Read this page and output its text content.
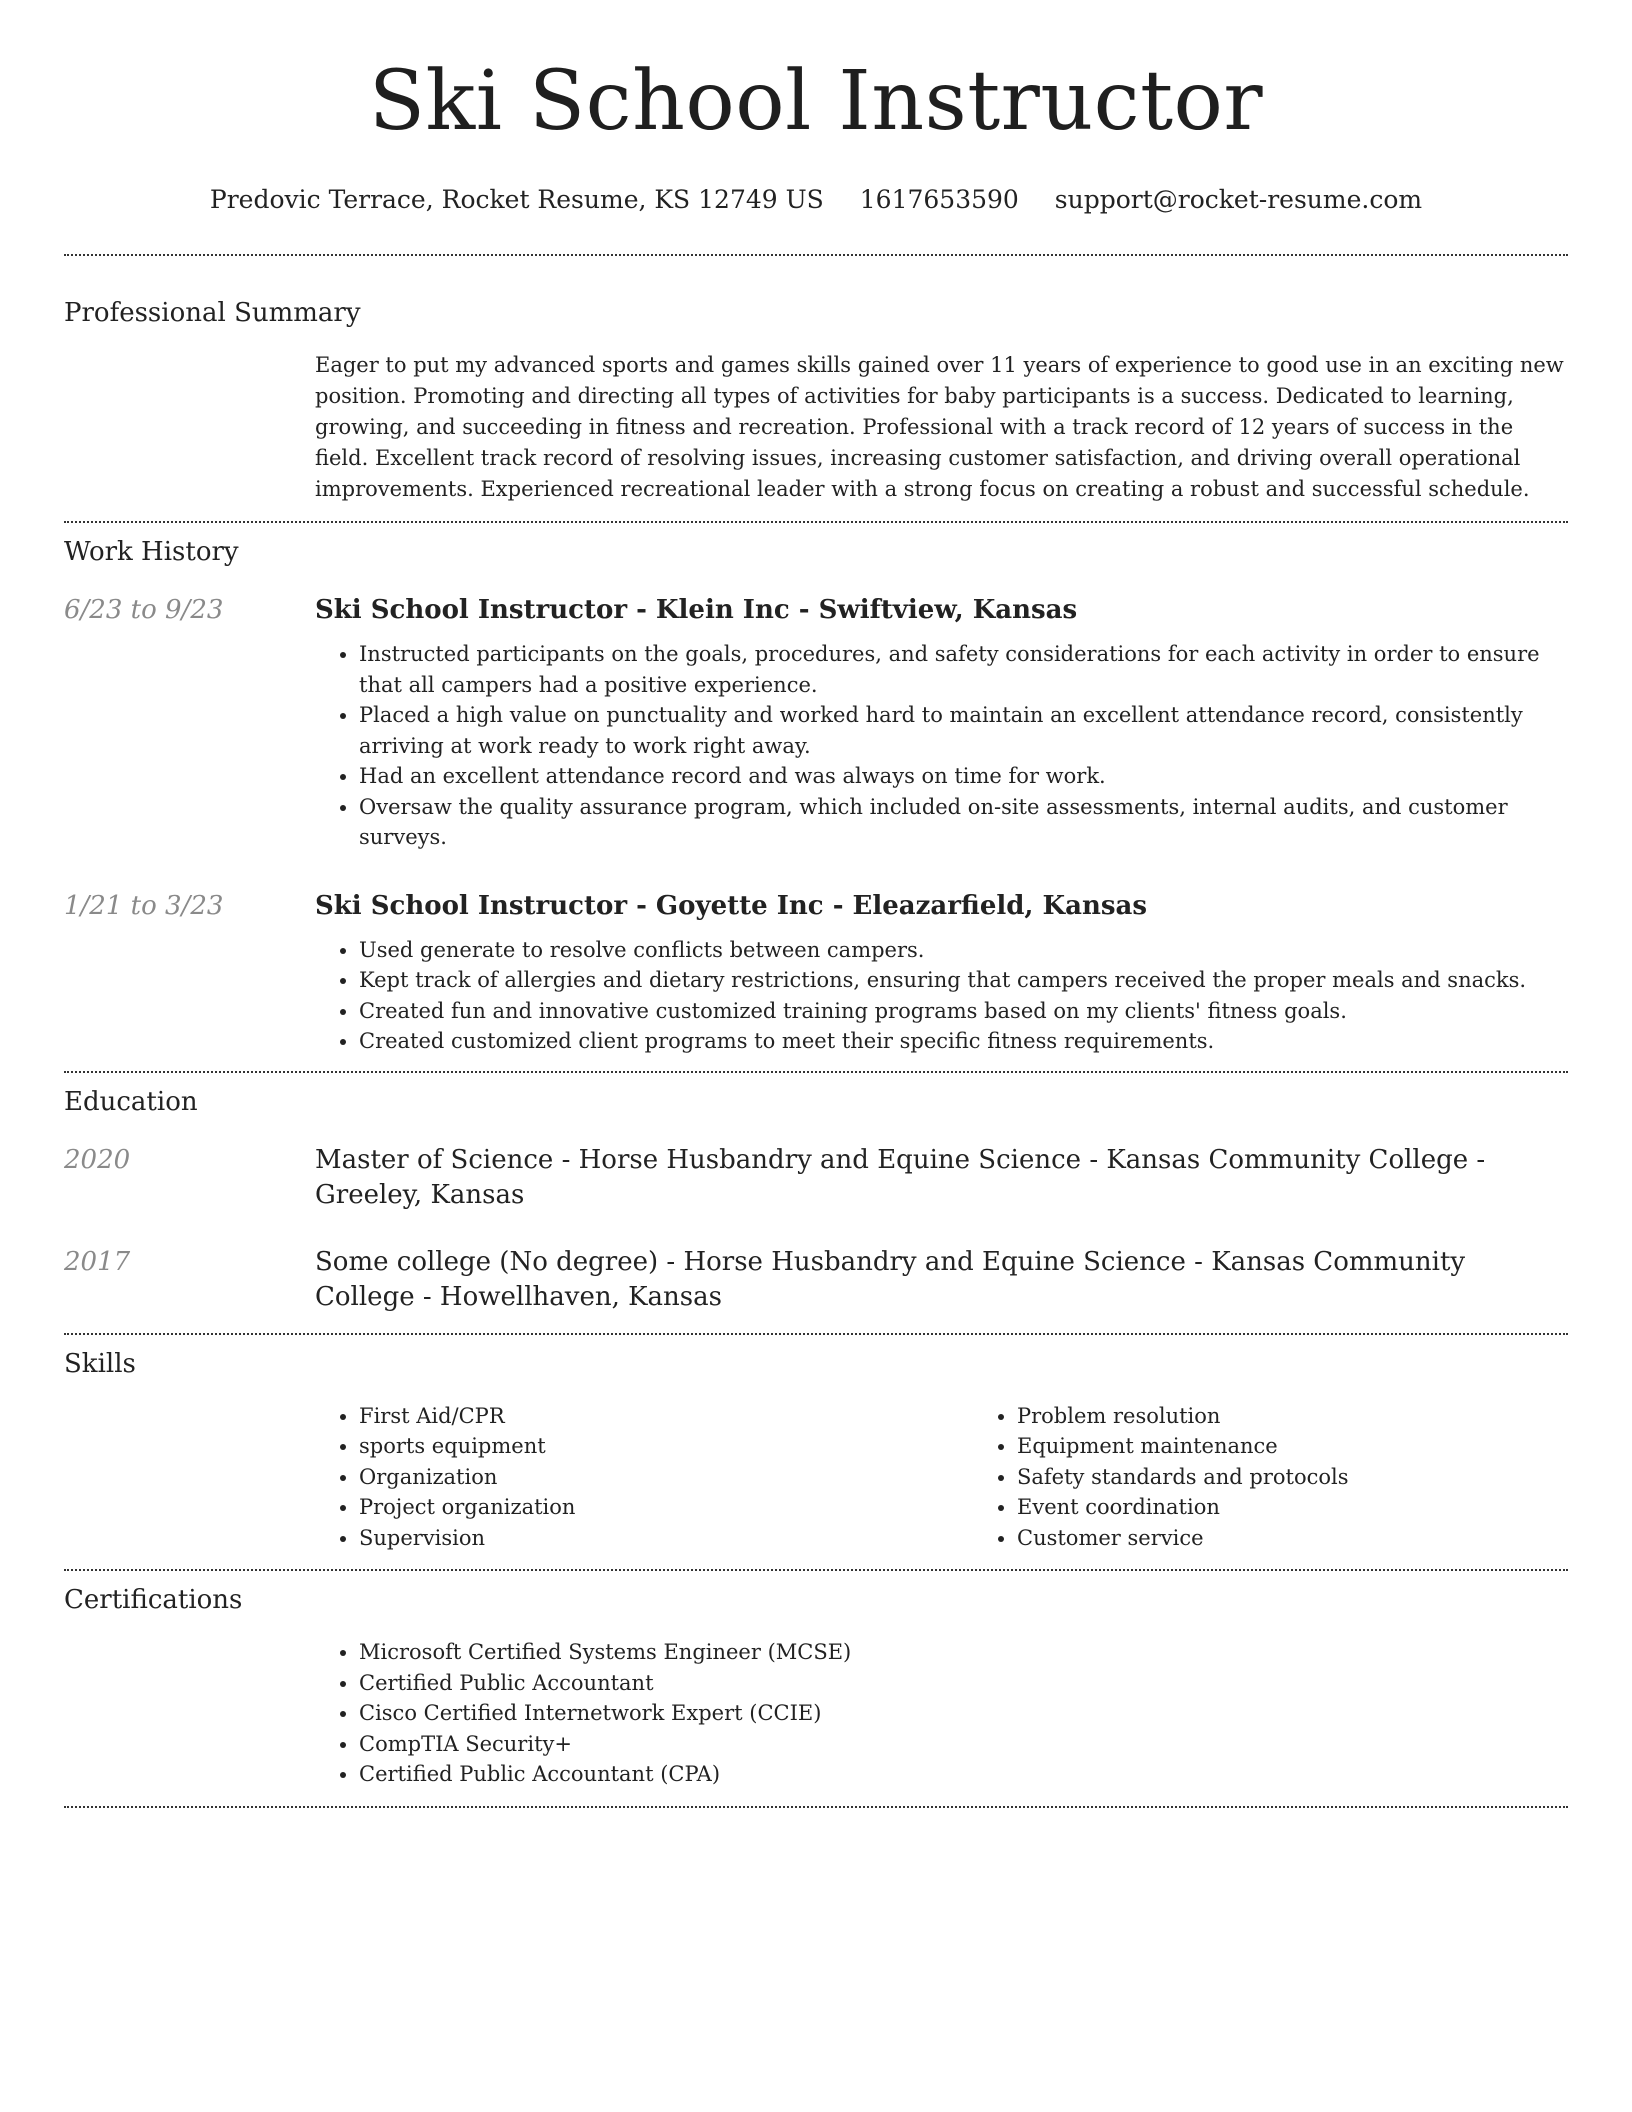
Ski School Instructor
Predovic Terrace, Rocket Resume, KS 12749 US 1617653590 support@rocket-resume.com
Professional Summary

Eager to put my advanced sports and games skills gained over 11 years of experience to good use in an exciting new position. Promoting and directing all types of activities for baby participants is a success. Dedicated to learning, growing, and succeeding in fitness and recreation. Professional with a track record of 12 years of success in the field. Excellent track record of resolving issues, increasing customer satisfaction, and driving overall operational improvements. Experienced recreational leader with a strong focus on creating a robust and successful schedule.

Work History
6/23 to 9/23	Ski School Instructor - Klein Inc - Swiftview, Kansas
• Instructed participants on the goals, procedures, and safety considerations for each activity in order to ensure that all campers had a positive experience.
• Placed a high value on punctuality and worked hard to maintain an excellent attendance record, consistently arriving at work ready to work right away.
• Had an excellent attendance record and was always on time for work.
• Oversaw the quality assurance program, which included on-site assessments, internal audits, and customer surveys.
1/21 to 3/23	Ski School Instructor - Goyette Inc - Eleazarfield, Kansas
• Used generate to resolve conflicts between campers.
• Kept track of allergies and dietary restrictions, ensuring that campers received the proper meals and snacks.
• Created fun and innovative customized training programs based on my clients' fitness goals.
• Created customized client programs to meet their specific fitness requirements.
Education
2020	Master of Science - Horse Husbandry and Equine Science - Kansas Community College - Greeley, Kansas

2017	Some college (No degree) - Horse Husbandry and Equine Science - Kansas Community College - Howellhaven, Kansas

Skills
• First Aid/CPR
• sports equipment
• Organization
• Project organization
• Supervision
• Problem resolution
• Equipment maintenance
• Safety standards and protocols
• Event coordination
• Customer service
Certifications
• Microsoft Certified Systems Engineer (MCSE)
• Certified Public Accountant
• Cisco Certified Internetwork Expert (CCIE)
• CompTIA Security+
• Certified Public Accountant (CPA)
